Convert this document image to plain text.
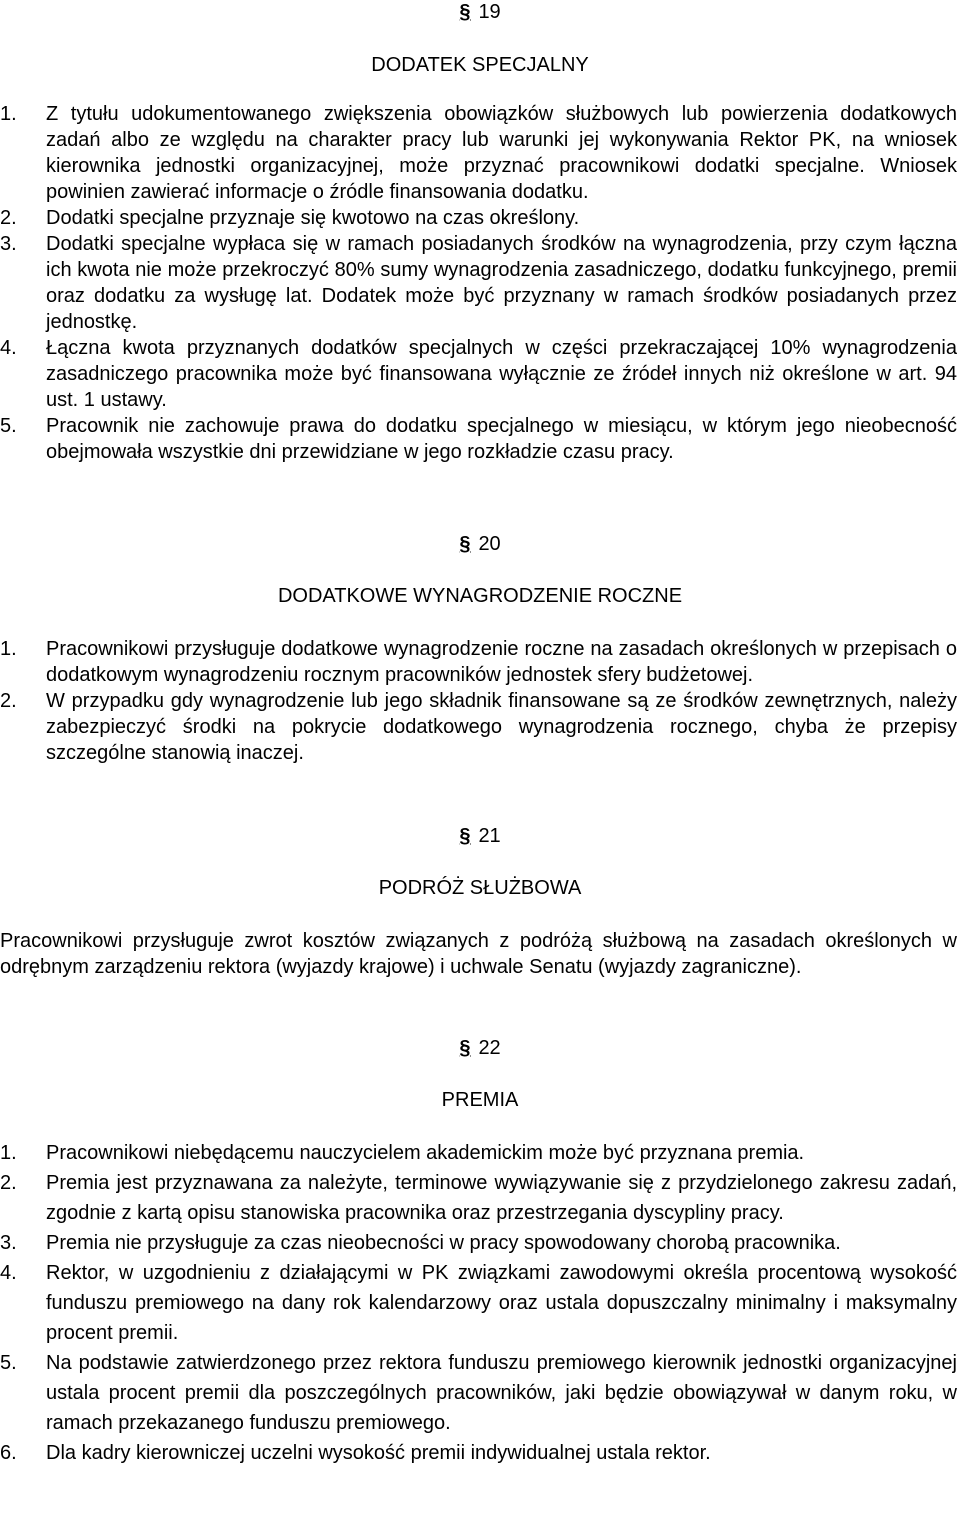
§ 19
DODATEK SPECJALNY
1. Z tytułu udokumentowanego zwiększenia obowiązków służbowych lub powierzenia dodatkowych zadań albo ze względu na charakter pracy lub warunki jej wykonywania Rektor PK, na wniosek kierownika jednostki organizacyjnej, może przyznać pracownikowi dodatki specjalne. Wniosek powinien zawierać informacje o źródle finansowania dodatku.
2. Dodatki specjalne przyznaje się kwotowo na czas określony.
3. Dodatki specjalne wypłaca się w ramach posiadanych środków na wynagrodzenia, przy czym łączna ich kwota nie może przekroczyć 80% sumy wynagrodzenia zasadniczego, dodatku funkcyjnego, premii oraz dodatku za wysługę lat. Dodatek może być przyznany w ramach środków posiadanych przez jednostkę.
4. Łączna kwota przyznanych dodatków specjalnych w części przekraczającej 10% wynagrodzenia zasadniczego pracownika może być finansowana wyłącznie ze źródeł innych niż określone w art. 94 ust. 1 ustawy.
5. Pracownik nie zachowuje prawa do dodatku specjalnego w miesiącu, w którym jego nieobecność obejmowała wszystkie dni przewidziane w jego rozkładzie czasu pracy.
§ 20
DODATKOWE WYNAGRODZENIE ROCZNE
1. Pracownikowi przysługuje dodatkowe wynagrodzenie roczne na zasadach określonych w przepisach o dodatkowym wynagrodzeniu rocznym pracowników jednostek sfery budżetowej.
2. W przypadku gdy wynagrodzenie lub jego składnik finansowane są ze środków zewnętrznych, należy zabezpieczyć środki na pokrycie dodatkowego wynagrodzenia rocznego, chyba że przepisy szczególne stanowią inaczej.
§ 21
PODRÓŻ SŁUŻBOWA

Pracownikowi przysługuje zwrot kosztów związanych z podróżą służbową na zasadach określonych w odrębnym zarządzeniu rektora (wyjazdy krajowe) i uchwale Senatu (wyjazdy zagraniczne).

§ 22
PREMIA
1. Pracownikowi niebędącemu nauczycielem akademickim może być przyznana premia.
2. Premia jest przyznawana za należyte, terminowe wywiązywanie się z przydzielonego zakresu zadań, zgodnie z kartą opisu stanowiska pracownika oraz przestrzegania dyscypliny pracy.
3. Premia nie przysługuje za czas nieobecności w pracy spowodowany chorobą pracownika.
4. Rektor, w uzgodnieniu z działającymi w PK związkami zawodowymi określa procentową wysokość funduszu premiowego na dany rok kalendarzowy oraz ustala dopuszczalny minimalny i maksymalny procent premii.
5. Na podstawie zatwierdzonego przez rektora funduszu premiowego kierownik jednostki organizacyjnej ustala procent premii dla poszczególnych pracowników, jaki będzie obowiązywał w danym roku, w ramach przekazanego funduszu premiowego.
6. Dla kadry kierowniczej uczelni wysokość premii indywidualnej ustala rektor.
